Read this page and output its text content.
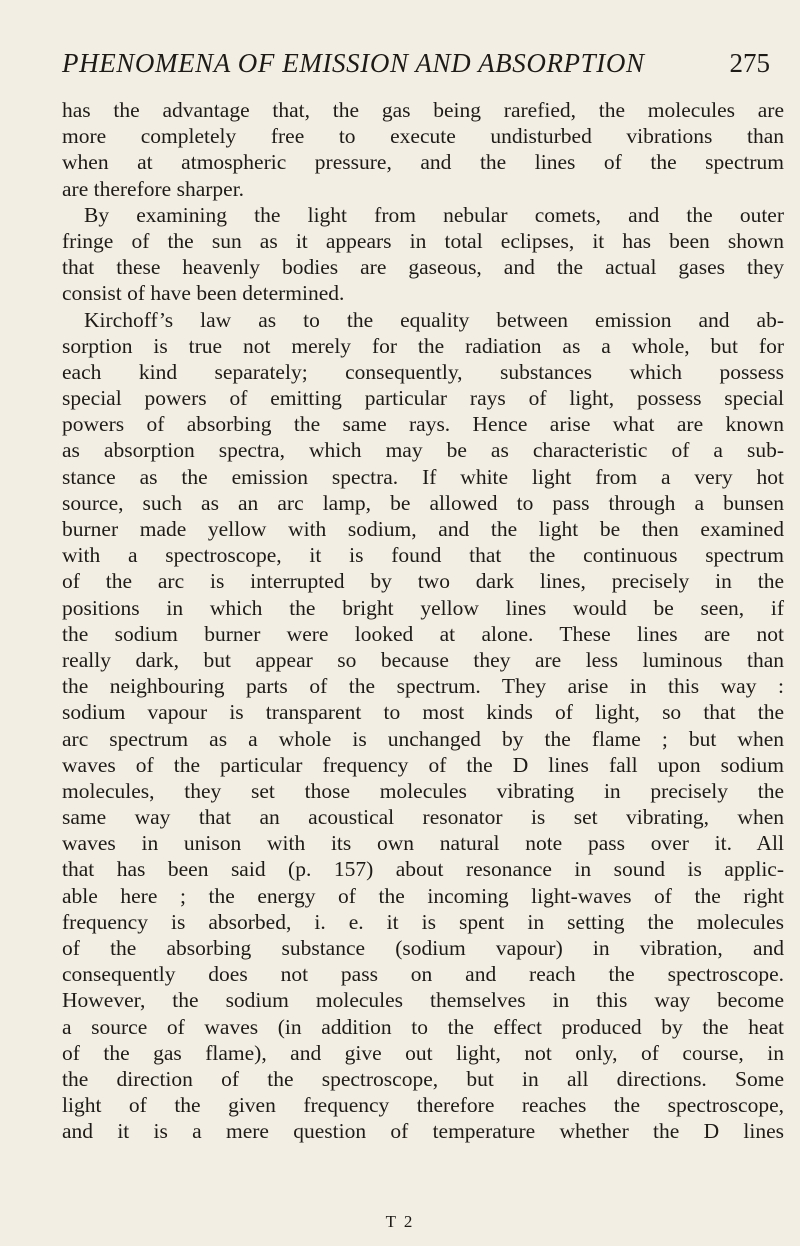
PHENOMENA OF EMISSION AND ABSORPTION	275
has the advantage that, the gas being rarefied, the molecules are
more completely free to execute undisturbed vibrations than
when at atmospheric pressure, and the lines of the spectrum
are therefore sharper.
By examining the light from nebular comets, and the outer
fringe of the sun as it appears in total eclipses, it has been shown
that these heavenly bodies are gaseous, and the actual gases they
consist of have been determined.
Kirchoff’s law as to the equality between emission and ab-
sorption is true not merely for the radiation as a whole, but for
each kind separately; consequently, substances which possess
special powers of emitting particular rays of light, possess special
powers of absorbing the same rays. Hence arise what are known
as absorption spectra, which may be as characteristic of a sub-
stance as the emission spectra. If white light from a very hot
source, such as an arc lamp, be allowed to pass through a bunsen
burner made yellow with sodium, and the light be then examined
with a spectroscope, it is found that the continuous spectrum
of the arc is interrupted by two dark lines, precisely in the
positions in which the bright yellow lines would be seen, if
the sodium burner were looked at alone. These lines are not
really dark, but appear so because they are less luminous than
the neighbouring parts of the spectrum. They arise in this way :
sodium vapour is transparent to most kinds of light, so that the
arc spectrum as a whole is unchanged by the flame ; but when
waves of the particular frequency of the D lines fall upon sodium
molecules, they set those molecules vibrating in precisely the
same way that an acoustical resonator is set vibrating, when
waves in unison with its own natural note pass over it. All
that has been said (p. 157) about resonance in sound is applic-
able here ; the energy of the incoming light-waves of the right
frequency is absorbed, i. e. it is spent in setting the molecules
of the absorbing substance (sodium vapour) in vibration, and
consequently does not pass on and reach the spectroscope.
However, the sodium molecules themselves in this way become
a source of waves (in addition to the effect produced by the heat
of the gas flame), and give out light, not only, of course, in
the direction of the spectroscope, but in all directions. Some
light of the given frequency therefore reaches the spectroscope,
and it is a mere question of temperature whether the D lines
T 2
